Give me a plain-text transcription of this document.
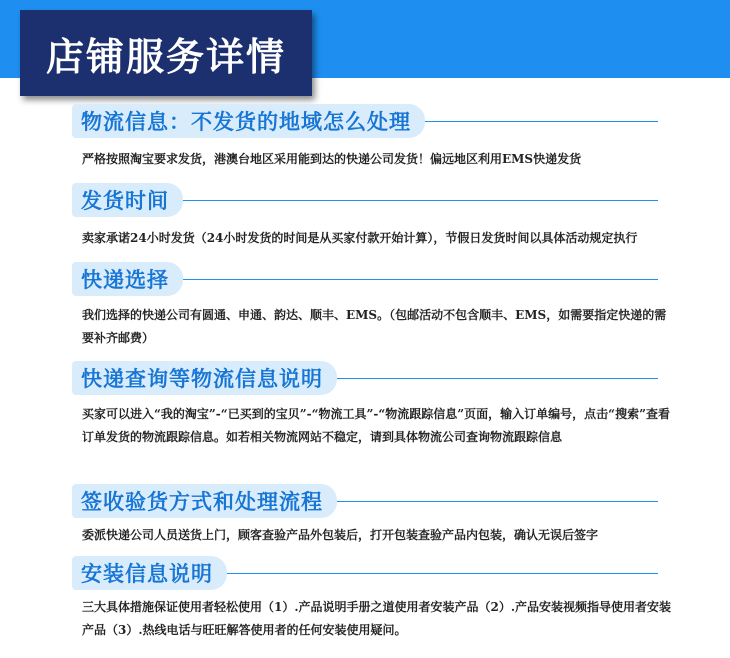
店铺服务详情
物流信息：不发货的地域怎么处理
严格按照淘宝要求发货，港澳台地区采用能到达的快递公司发货！偏远地区利用EMS快递发货
发货时间
卖家承诺24小时发货（24小时发货的时间是从买家付款开始计算），节假日发货时间以具体活动规定执行
快递选择
我们选择的快递公司有圆通、申通、韵达、顺丰、EMS。（包邮活动不包含顺丰、EMS，如需要指定快递的需要补齐邮费）
快递查询等物流信息说明
买家可以进入“我的淘宝”-“已买到的宝贝”-“物流工具”-“物流跟踪信息”页面，输入订单编号，点击“搜索”查看订单发货的物流跟踪信息。如若相关物流网站不稳定，请到具体物流公司查询物流跟踪信息
签收验货方式和处理流程
委派快递公司人员送货上门，顾客查验产品外包装后，打开包装查验产品内包装，确认无误后签字
安装信息说明
三大具体措施保证使用者轻松使用（1）.产品说明手册之道使用者安装产品（2）.产品安装视频指导使用者安装产品（3）.热线电话与旺旺解答使用者的任何安装使用疑问。
